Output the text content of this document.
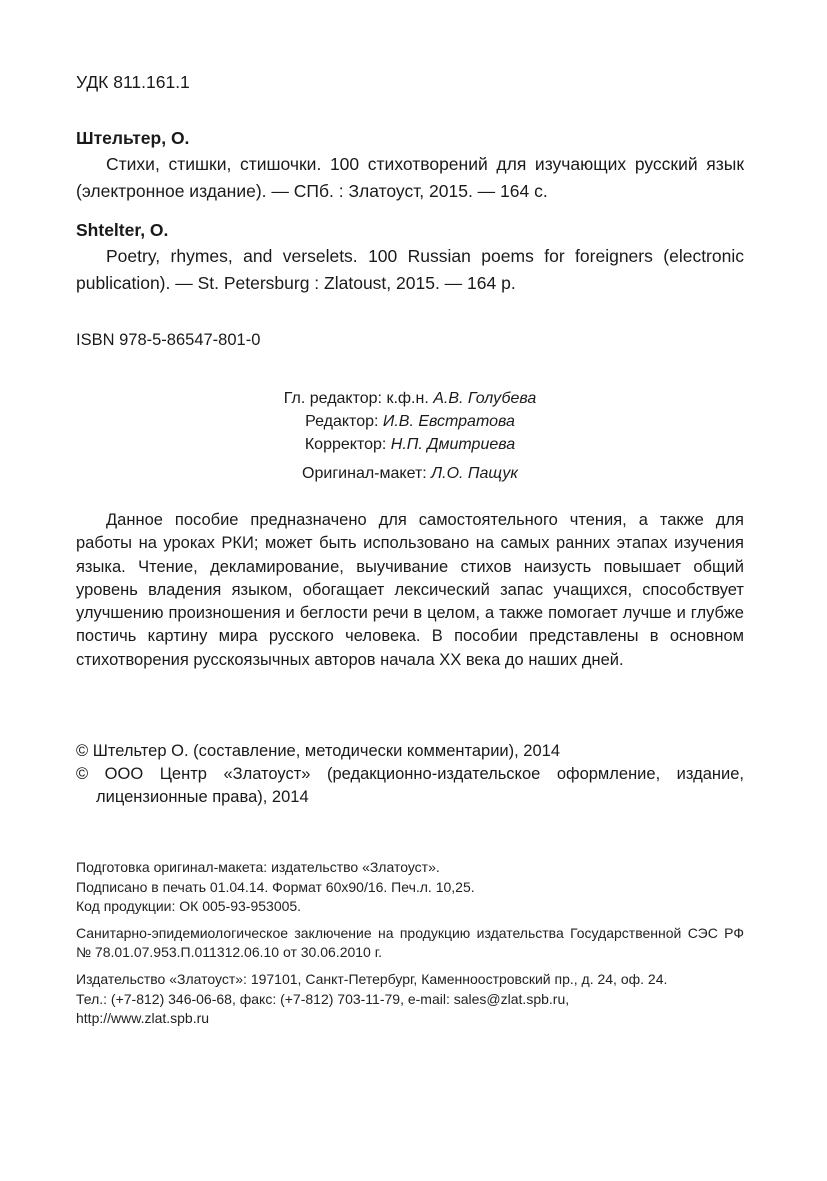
УДК 811.161.1
Штельтер, О.
Стихи, стишки, стишочки. 100 стихотворений для изучающих русский язык (электронное издание). — СПб. : Златоуст, 2015. — 164 с.
Shtelter, O.
Poetry, rhymes, and verselets. 100 Russian poems for foreigners (electronic publication). — St. Petersburg : Zlatoust, 2015. — 164 p.
ISBN 978-5-86547-801-0
Гл. редактор: к.ф.н. А.В. Голубева
Редактор: И.В. Евстратова
Корректор: Н.П. Дмитриева
Оригинал-макет: Л.О. Пащук

Данное пособие предназначено для самостоятельного чтения, а также для работы на уроках РКИ; может быть использовано на самых ранних этапах изучения языка. Чтение, декламирование, выучивание стихов наизусть повышает общий уровень владения языком, обогащает лексический запас учащихся, способствует улучшению произношения и беглости речи в целом, а также помогает лучше и глубже постичь картину мира русского человека. В пособии представлены в основном стихотворения русскоязычных авторов начала XX века до наших дней.

© Штельтер О. (составление, методически комментарии), 2014
© ООО Центр «Златоуст» (редакционно-издательское оформление, издание, лицензионные права), 2014
Подготовка оригинал-макета: издательство «Златоуст».
Подписано в печать 01.04.14. Формат 60х90/16. Печ.л. 10,25.
Код продукции: ОК 005-93-953005.
Санитарно-эпидемиологическое заключение на продукцию издательства Государственной СЭС РФ № 78.01.07.953.П.011312.06.10 от 30.06.2010 г.
Издательство «Златоуст»: 197101, Санкт-Петербург, Каменноостровский пр., д. 24, оф. 24.
Тел.: (+7-812) 346-06-68, факс: (+7-812) 703-11-79, e-mail: sales@zlat.spb.ru,
http://www.zlat.spb.ru
